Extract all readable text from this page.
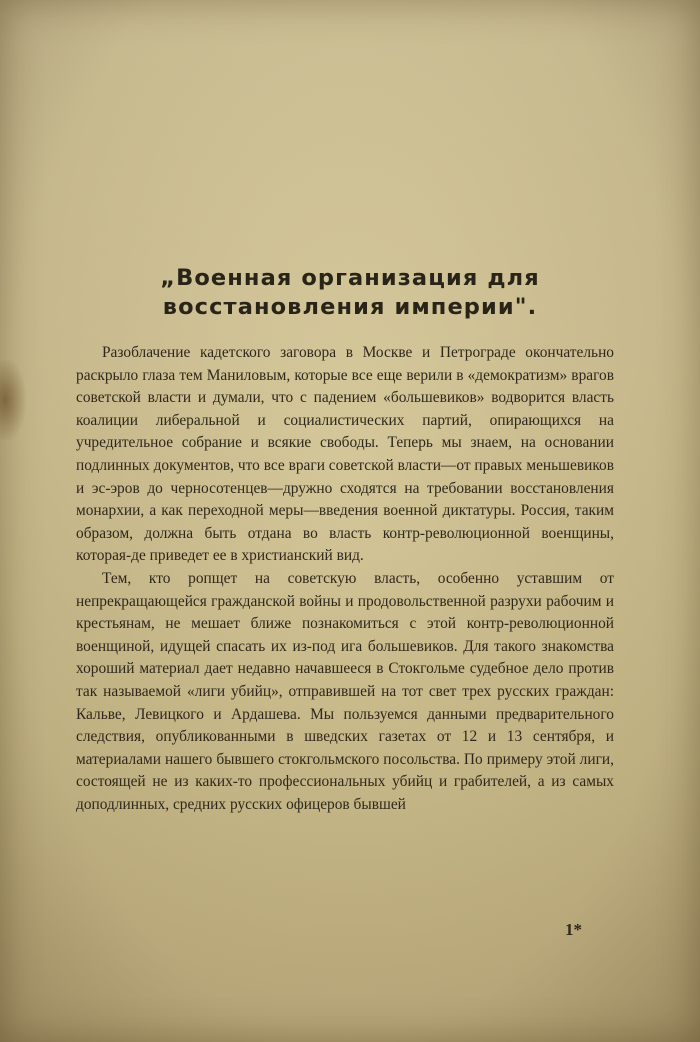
„Военная организация для восстановления империи".

Разоблачение кадетского заговора в Москве и Петрограде окончательно раскрыло глаза тем Маниловым, которые все еще верили в «демократизм» врагов советской власти и думали, что с падением «большевиков» водворится власть коалиции либеральной и социалистических партий, опирающихся на учредительное собрание и всякие свободы. Теперь мы знаем, на основании подлинных документов, что все враги советской власти—от правых меньшевиков и эс-эров до черносотенцев—дружно сходятся на требовании восстановления монархии, а как переходной меры—введения военной диктатуры. Россия, таким образом, должна быть отдана во власть контр-революционной военщины, которая-де приведет ее в христианский вид.

Тем, кто ропщет на советскую власть, особенно уставшим от непрекращающейся гражданской войны и продовольственной разрухи рабочим и крестьянам, не мешает ближе познакомиться с этой контр-революционной военщиной, идущей спасать их из-под ига большевиков. Для такого знакомства хороший материал дает недавно начавшееся в Стокгольме судебное дело против так называемой «лиги убийц», отправившей на тот свет трех русских граждан: Кальве, Левицкого и Ардашева. Мы пользуемся данными предварительного следствия, опубликованными в шведских газетах от 12 и 13 сентября, и материалами нашего бывшего стокгольмского посольства. По примеру этой лиги, состоящей не из каких-то профессиональных убийц и грабителей, а из самых доподлинных, средних русских офицеров бывшей

1*
